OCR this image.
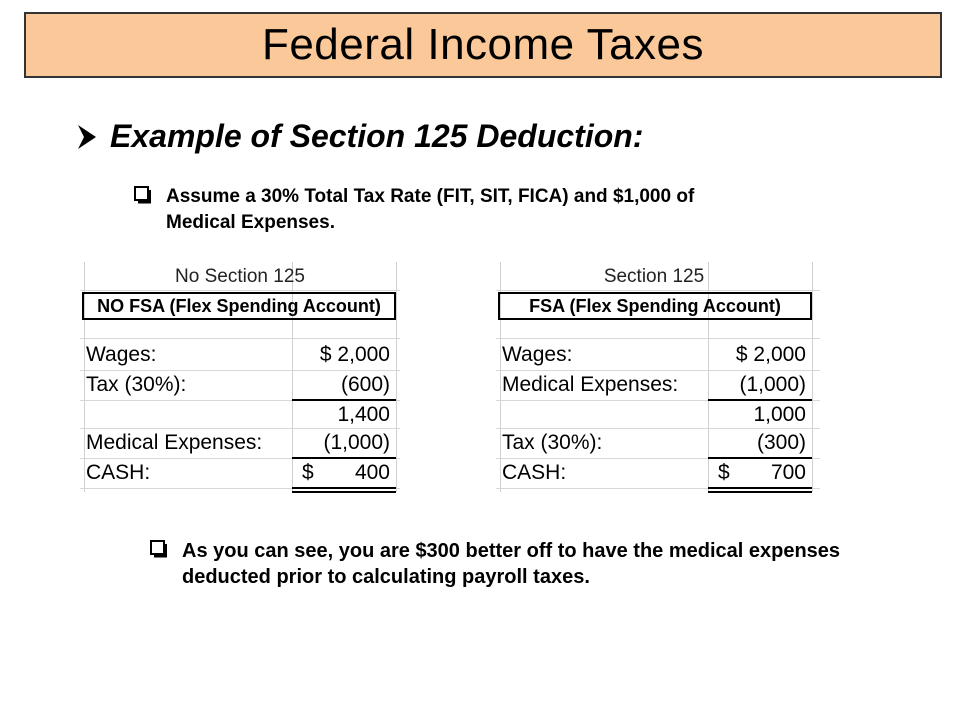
Federal Income Taxes
Example of Section 125 Deduction:

Assume a 30% Total Tax Rate (FIT, SIT, FICA) and $1,000 of Medical Expenses.

No Section 125
NO FSA (Flex Spending Account)
Wages:	$ 2,000
Tax (30%):	(600)
1,400
Medical Expenses:	(1,000)
CASH:	$	400
Section 125
FSA (Flex Spending Account)
Wages:	$ 2,000
Medical Expenses:	(1,000)
1,000
Tax (30%):	(300)
CASH:	$	700

As you can see, you are $300 better off to have the medical expenses deducted prior to calculating payroll taxes.
